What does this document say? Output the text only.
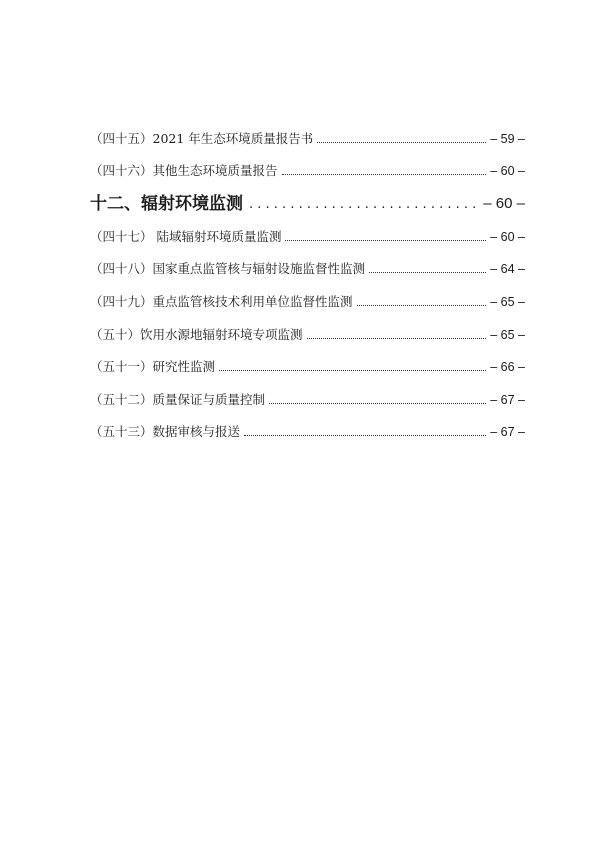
（四十五）2021 年生态环境质量报告书	– 59 –
（四十六）其他生态环境质量报告	– 60 –
十二、辐射环境监测
. . .	– 60 –
（四十七） 陆域辐射环境质量监测	– 60 –
（四十八）国家重点监管核与辐射设施监督性监测	– 64 –
（四十九）重点监管核技术利用单位监督性监测	– 65 –
（五十）饮用水源地辐射环境专项监测	– 65 –
（五十一）研究性监测	– 66 –
（五十二）质量保证与质量控制	– 67 –
（五十三）数据审核与报送	– 67 –
